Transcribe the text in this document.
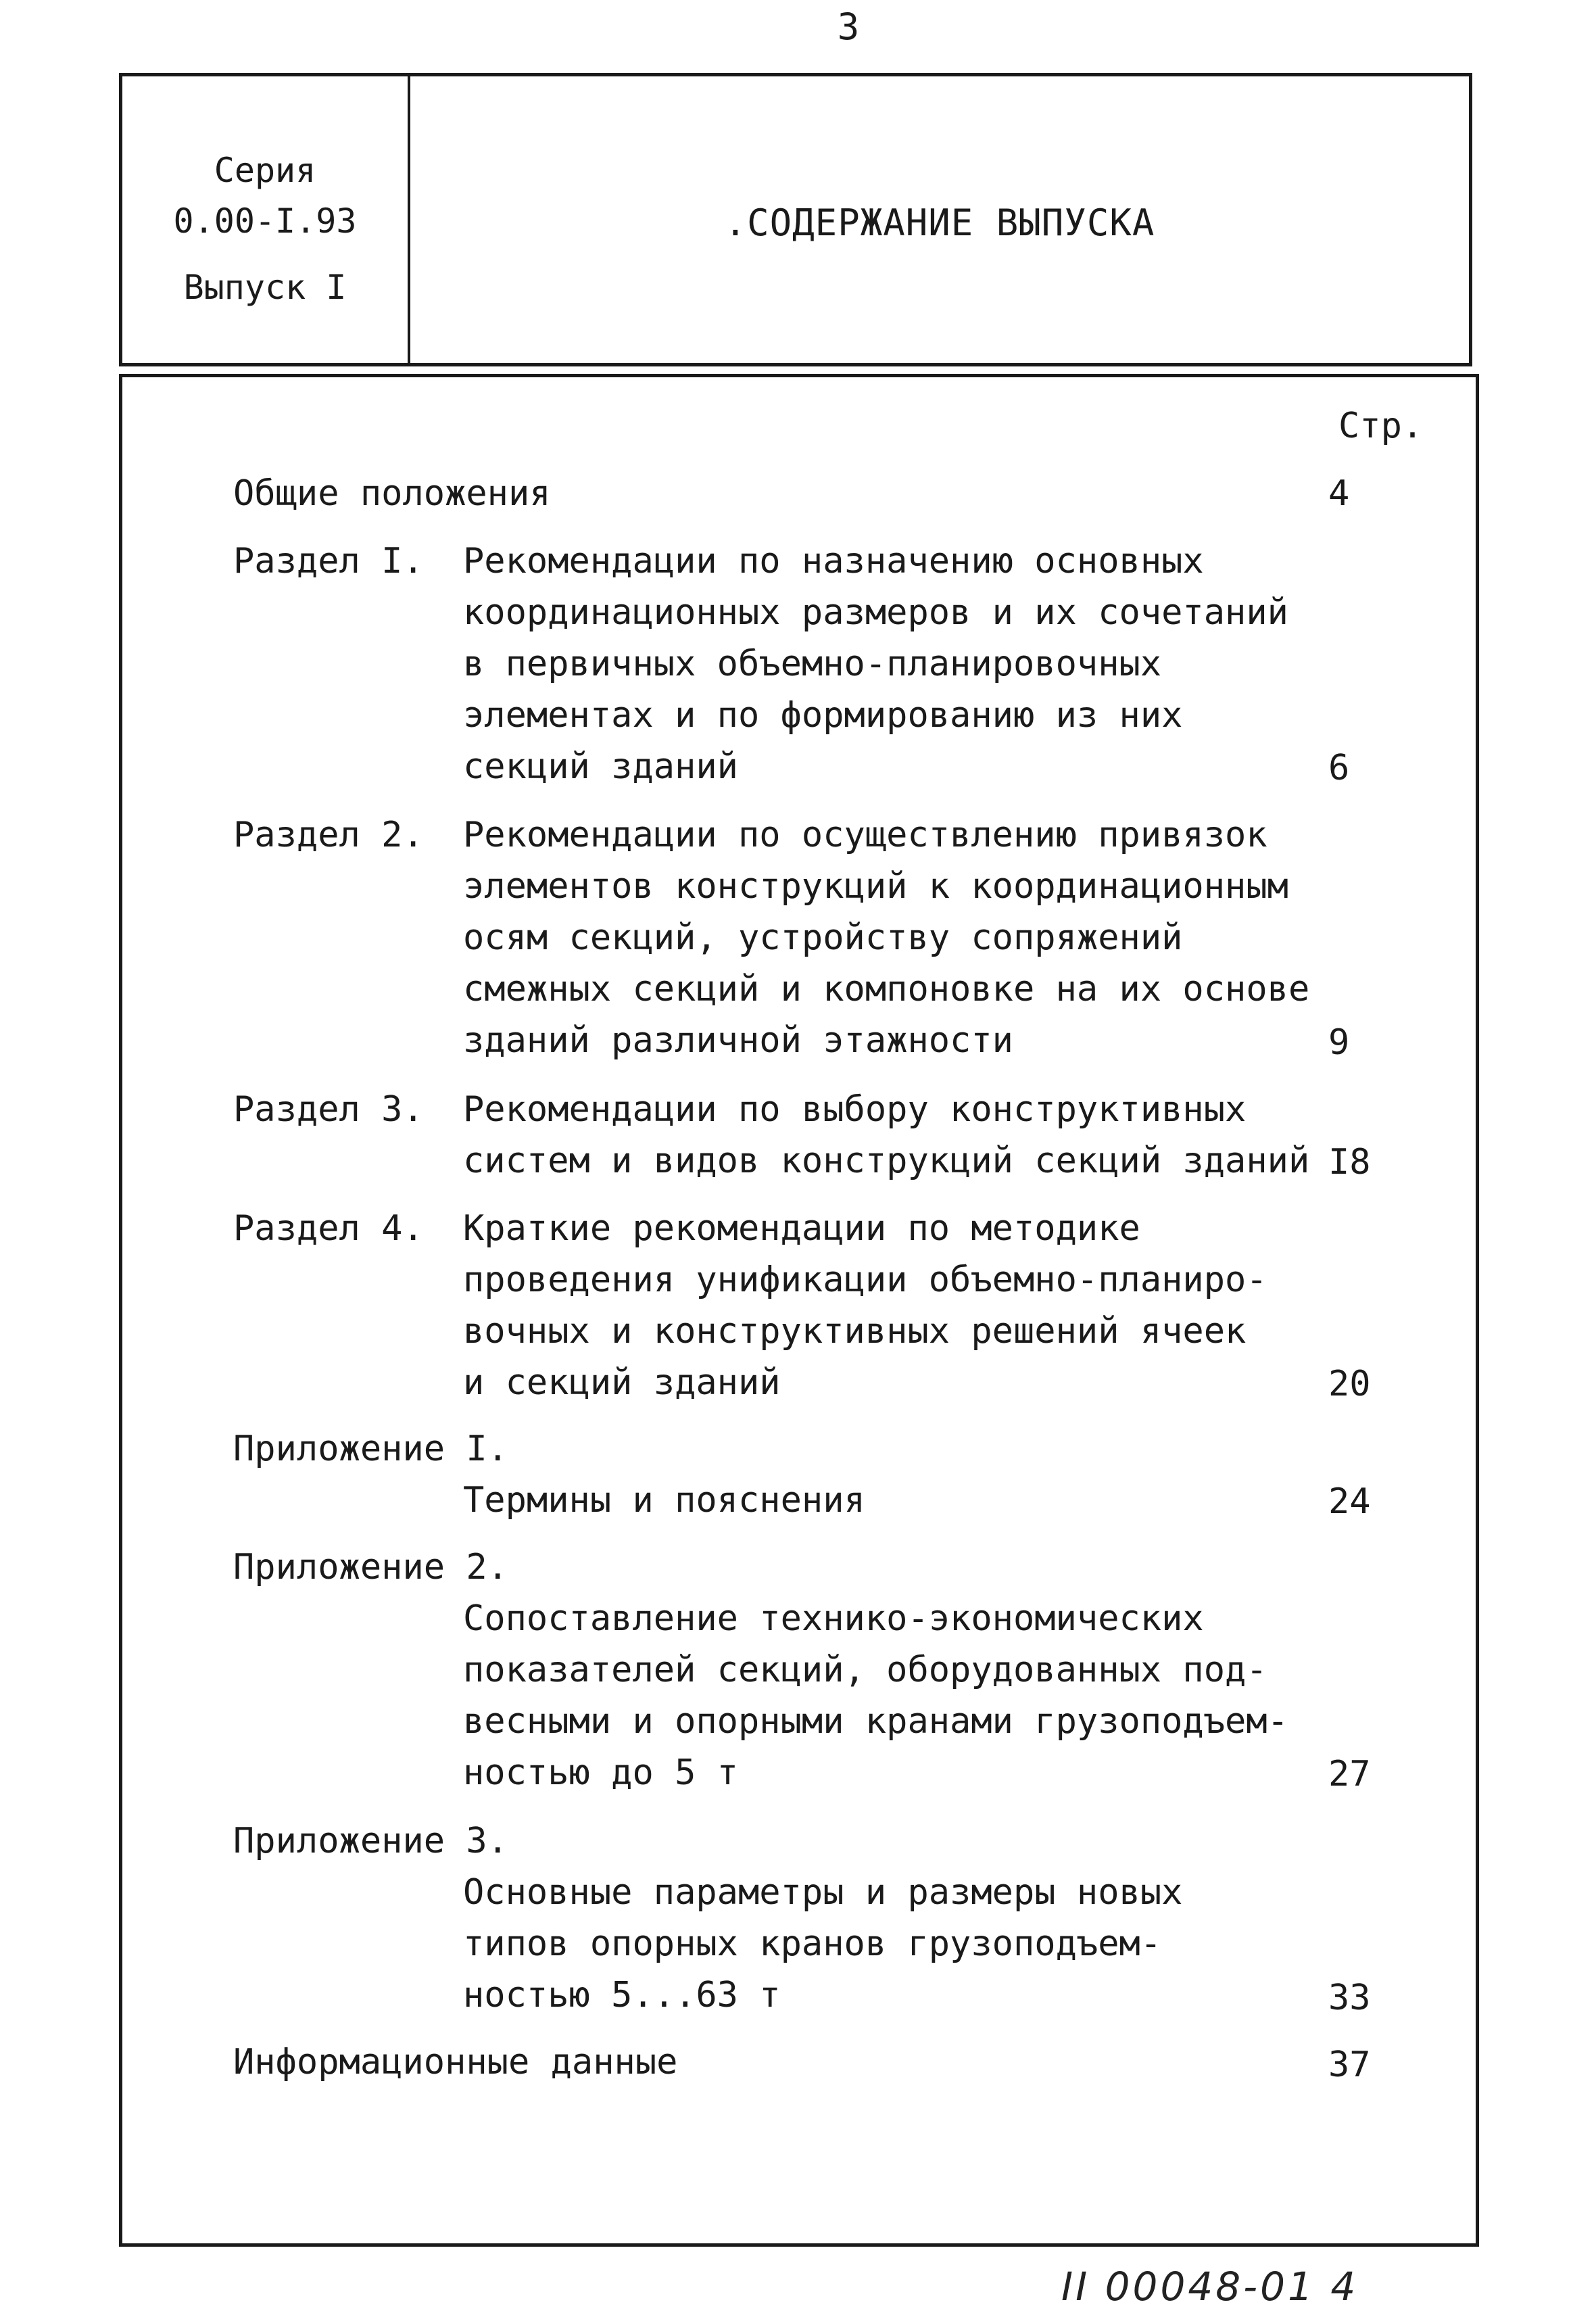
3
Серия
0.00-I.93
Выпуск I
.СОДЕРЖАНИЕ ВЫПУСКА
Стр.
Общие положения	4
Раздел I. Рекомендации по назначению основных
координационных размеров и их сочетаний
в первичных объемно-планировочных
элементах и по формированию из них
секций зданий	6
Раздел 2. Рекомендации по осуществлению привязок
элементов конструкций к координационным
осям секций, устройству сопряжений
смежных секций и компоновке на их основе
зданий различной этажности	9
Раздел 3. Рекомендации по выбору конструктивных
систем и видов конструкций секций зданий I8
Раздел 4. Краткие рекомендации по методике
проведения унификации объемно-планиро-
вочных и конструктивных решений ячеек
и секций зданий	20
Приложение I.
Термины и пояснения	24
Приложение 2.
Сопоставление технико-экономических
показателей секций, оборудованных под-
весными и опорными кранами грузоподъем-
ностью до 5 т	27
Приложение 3.
Основные параметры и размеры новых
типов опорных кранов грузоподъем-
ностью 5...63 т	33
Информационные данные	37
II 00048-01 4
